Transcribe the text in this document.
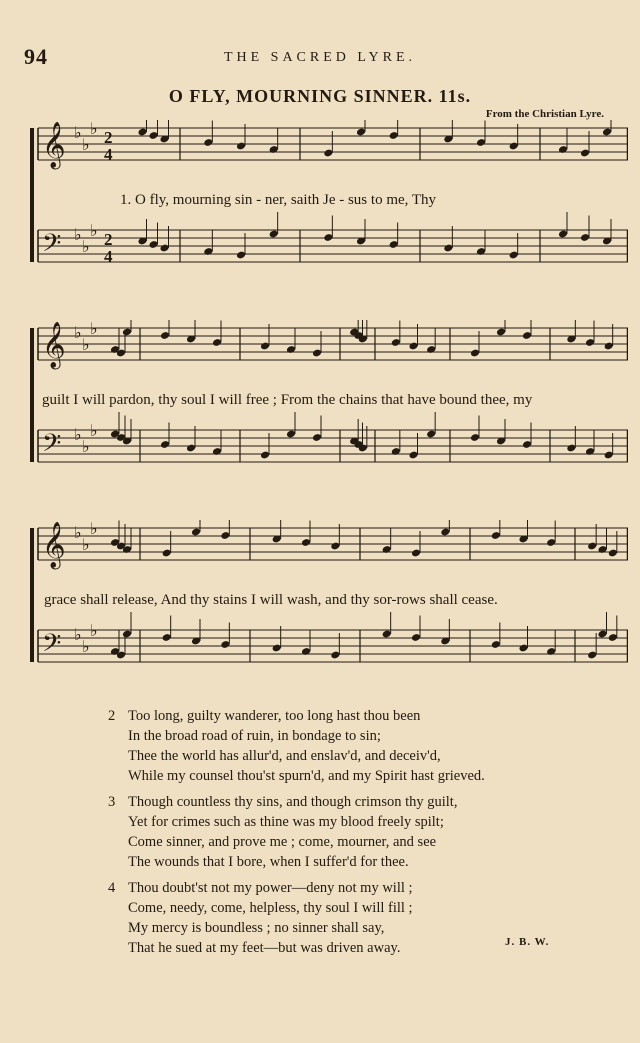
94	THE SACRED LYRE.
O FLY, MOURNING SINNER. 11s.
From the Christian Lyre.
𝄞 ♭
♭
♭ 2
4
𝄢 ♭
♭
♭ 2
4
1. O fly, mourning sin - ner, saith Je - sus to me, Thy
𝄞 ♭
♭
♭
𝄢 ♭
♭
♭
guilt I will pardon, thy soul I will free ; From the chains that have bound thee, my
𝄞 ♭
♭
♭
𝄢 ♭
♭
♭
grace shall release, And thy stains I will wash, and thy sor-rows shall cease.
2 Too long, guilty wanderer, too long hast thou been
In the broad road of ruin, in bondage to sin;
Thee the world has allur'd, and enslav'd, and deceiv'd,
While my counsel thou'st spurn'd, and my Spirit hast grieved.
3 Though countless thy sins, and though crimson thy guilt,
Yet for crimes such as thine was my blood freely spilt;
Come sinner, and prove me ; come, mourner, and see
The wounds that I bore, when I suffer'd for thee.
4 Thou doubt'st not my power—deny not my will ;
Come, needy, come, helpless, thy soul I will fill ;
My mercy is boundless ; no sinner shall say,
That he sued at my feet—but was driven away.	J. B. W.
